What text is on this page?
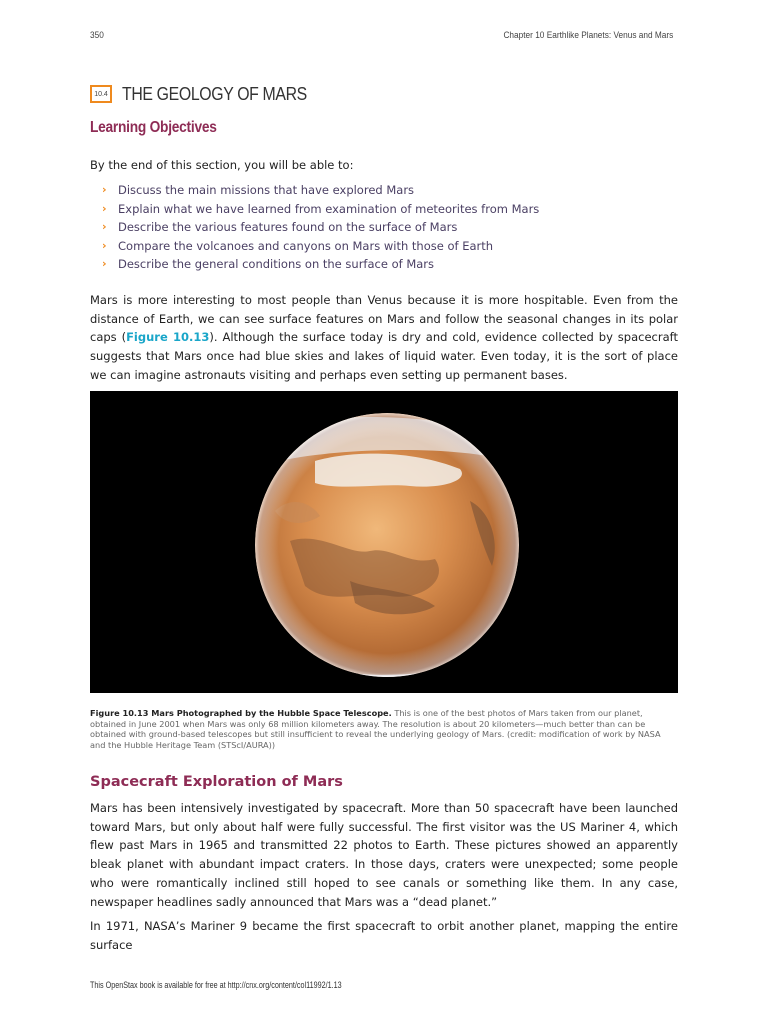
350	Chapter 10 Earthlike Planets: Venus and Mars
10.4 THE GEOLOGY OF MARS
Learning Objectives
By the end of this section, you will be able to:
› Discuss the main missions that have explored Mars
› Explain what we have learned from examination of meteorites from Mars
› Describe the various features found on the surface of Mars
› Compare the volcanoes and canyons on Mars with those of Earth
› Describe the general conditions on the surface of Mars

Mars is more interesting to most people than Venus because it is more hospitable. Even from the distance of Earth, we can see surface features on Mars and follow the seasonal changes in its polar caps (Figure 10.13). Although the surface today is dry and cold, evidence collected by spacecraft suggests that Mars once had blue skies and lakes of liquid water. Even today, it is the sort of place we can imagine astronauts visiting and perhaps even setting up permanent bases.

Figure 10.13 Mars Photographed by the Hubble Space Telescope. This is one of the best photos of Mars taken from our planet, obtained in June 2001 when Mars was only 68 million kilometers away. The resolution is about 20 kilometers—much better than can be obtained with ground-based telescopes but still insufficient to reveal the underlying geology of Mars. (credit: modification of work by NASA and the Hubble Heritage Team (STScI/AURA))
Spacecraft Exploration of Mars

Mars has been intensively investigated by spacecraft. More than 50 spacecraft have been launched toward Mars, but only about half were fully successful. The first visitor was the US Mariner 4, which flew past Mars in 1965 and transmitted 22 photos to Earth. These pictures showed an apparently bleak planet with abundant impact craters. In those days, craters were unexpected; some people who were romantically inclined still hoped to see canals or something like them. In any case, newspaper headlines sadly announced that Mars was a “dead planet.”

In 1971, NASA’s Mariner 9 became the first spacecraft to orbit another planet, mapping the entire surface

This OpenStax book is available for free at http://cnx.org/content/col11992/1.13
